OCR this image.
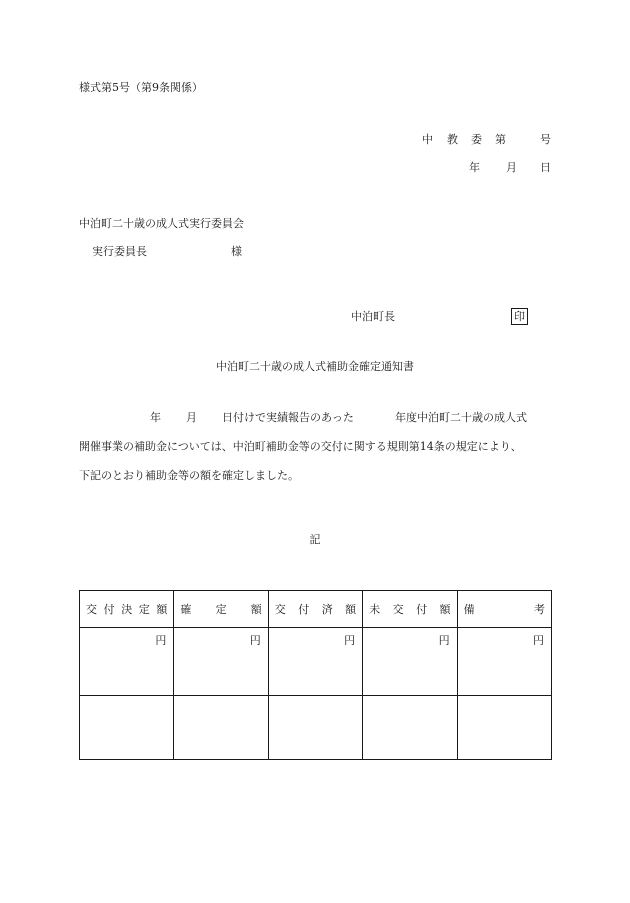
様式第5号（第9条関係）
中 教 委 第	号
年 月 日
中泊町二十歳の成人式実行委員会
実行委員長	様
中泊町長	印
中泊町二十歳の成人式補助金確定通知書
年 月 日付けで実績報告のあった	年度中泊町二十歳の成人式
開催事業の補助金については、中泊町補助金等の交付に関する規則第14条の規定により、
下記のとおり補助金等の額を確定しました。
記
交 付 決 定 額	確 定 額	交 付 済 額	未 交 付 額	備 考

円	円	円	円	円
